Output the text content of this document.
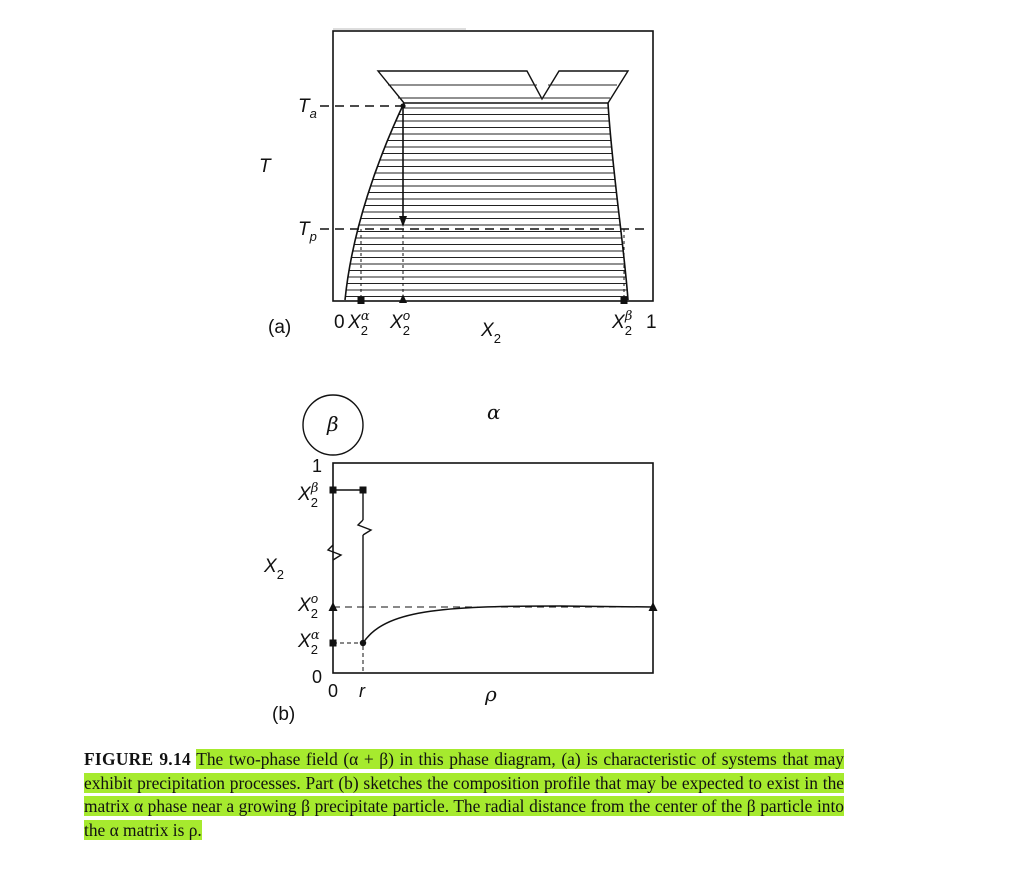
(a)
T
$T_a$
$T_p$
0 $X_2\alpha$ $X_2o$
$X_2$
$X_2\beta$ 1
β	α
1
$X_2\beta$
$X_2$
$X_2o$
$X_2\alpha$
0
0 r	ρ
(b)
FIGURE 9.14 The two-phase field (α + β) in this phase diagram, (a) is characteristic of systems that may exhibit precipitation processes. Part (b) sketches the composition profile that may be expected to exist in the matrix α phase near a growing β precipitate particle. The radial distance from the center of the β particle into the α matrix is ρ.
